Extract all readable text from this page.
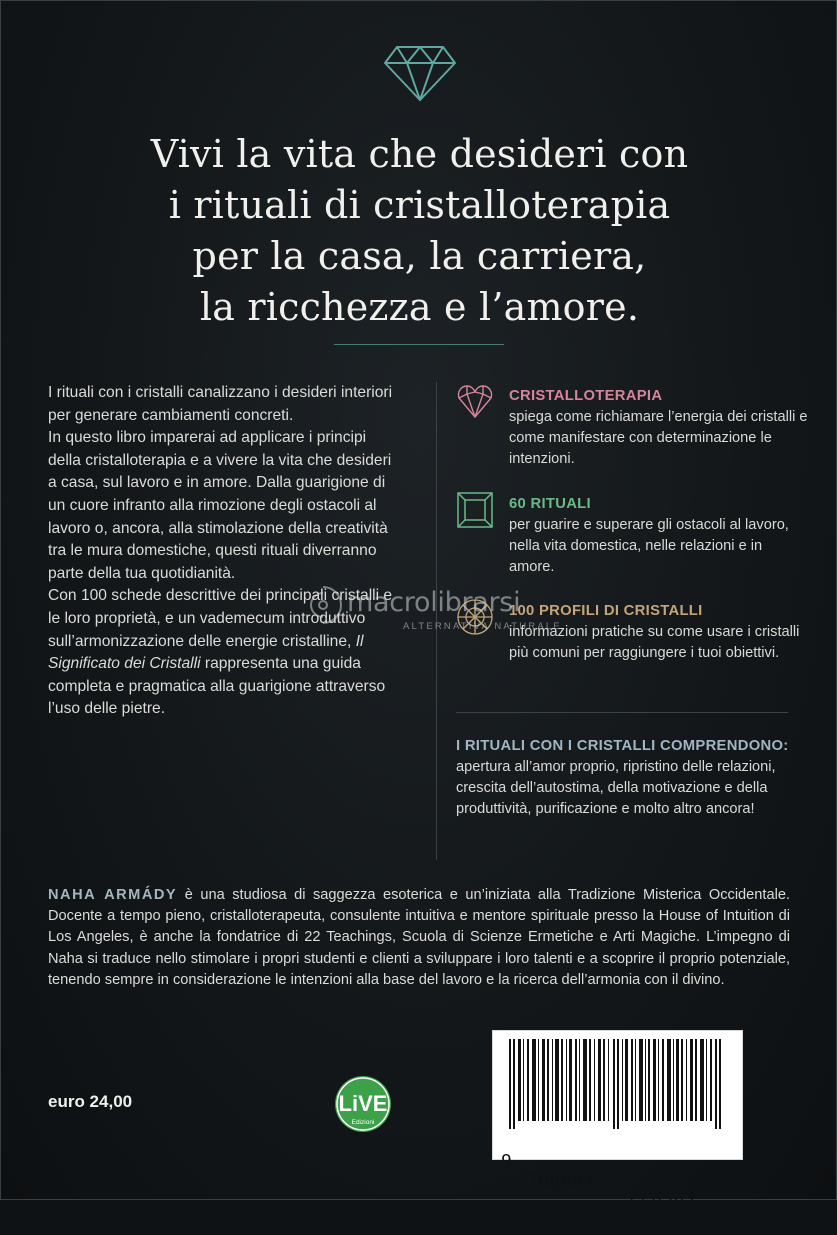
Vivi la vita che desideri con
i rituali di cristalloterapia
per la casa, la carriera,
la ricchezza e l’amore.

I rituali con i cristalli canalizzano i desideri interiori per generare cambiamenti concreti.

In questo libro imparerai ad applicare i principi della cristalloterapia e a vivere la vita che desideri a casa, sul lavoro e in amore. Dalla guarigione di un cuore infranto alla rimozione degli ostacoli al lavoro o, ancora, alla stimolazione della creatività tra le mura domestiche, questi rituali diverranno parte della tua quotidianità.

Con 100 schede descrittive dei principali cristalli e le loro proprietà, e un vademecum introduttivo sull’armonizzazione delle energie cristalline, Il Significato dei Cristalli rappresenta una guida completa e pragmatica alla guarigione attraverso l’uso delle pietre.

CRISTALLOTERAPIA
spiega come richiamare l’energia dei cristalli e come manifestare con determinazione le intenzioni.
60 RITUALI
per guarire e superare gli ostacoli al lavoro, nella vita domestica, nelle relazioni e in amore.
100 PROFILI DI CRISTALLI
informazioni pratiche su come usare i cristalli più comuni per raggiungere i tuoi obiettivi.
I RITUALI CON I CRISTALLI COMPRENDONO:
apertura all’amor proprio, ripristino delle relazioni, crescita dell’autostima, della motivazione e della produttività, purificazione e molto altro ancora!
macrolibrarsi
ALTERNATIVA NATURALE
NAHA ARMÁDY è una studiosa di saggezza esoterica e un’iniziata alla Tradizione Misterica Occidentale. Docente a tempo pieno, cristalloterapeuta, consulente intuitiva e mentore spirituale presso la House of Intuition di Los Angeles, è anche la fondatrice di 22 Teachings, Scuola di Scienze Ermetiche e Arti Magiche. L’impegno di Naha si traduce nello stimolare i propri studenti e clienti a sviluppare i loro talenti e a scoprire il proprio potenziale, tenendo sempre in considerazione le intenzioni alla base del lavoro e la ricerca dell’armonia con il divino.
euro 24,00	LiVE
Edizioni

9

788887

550207
